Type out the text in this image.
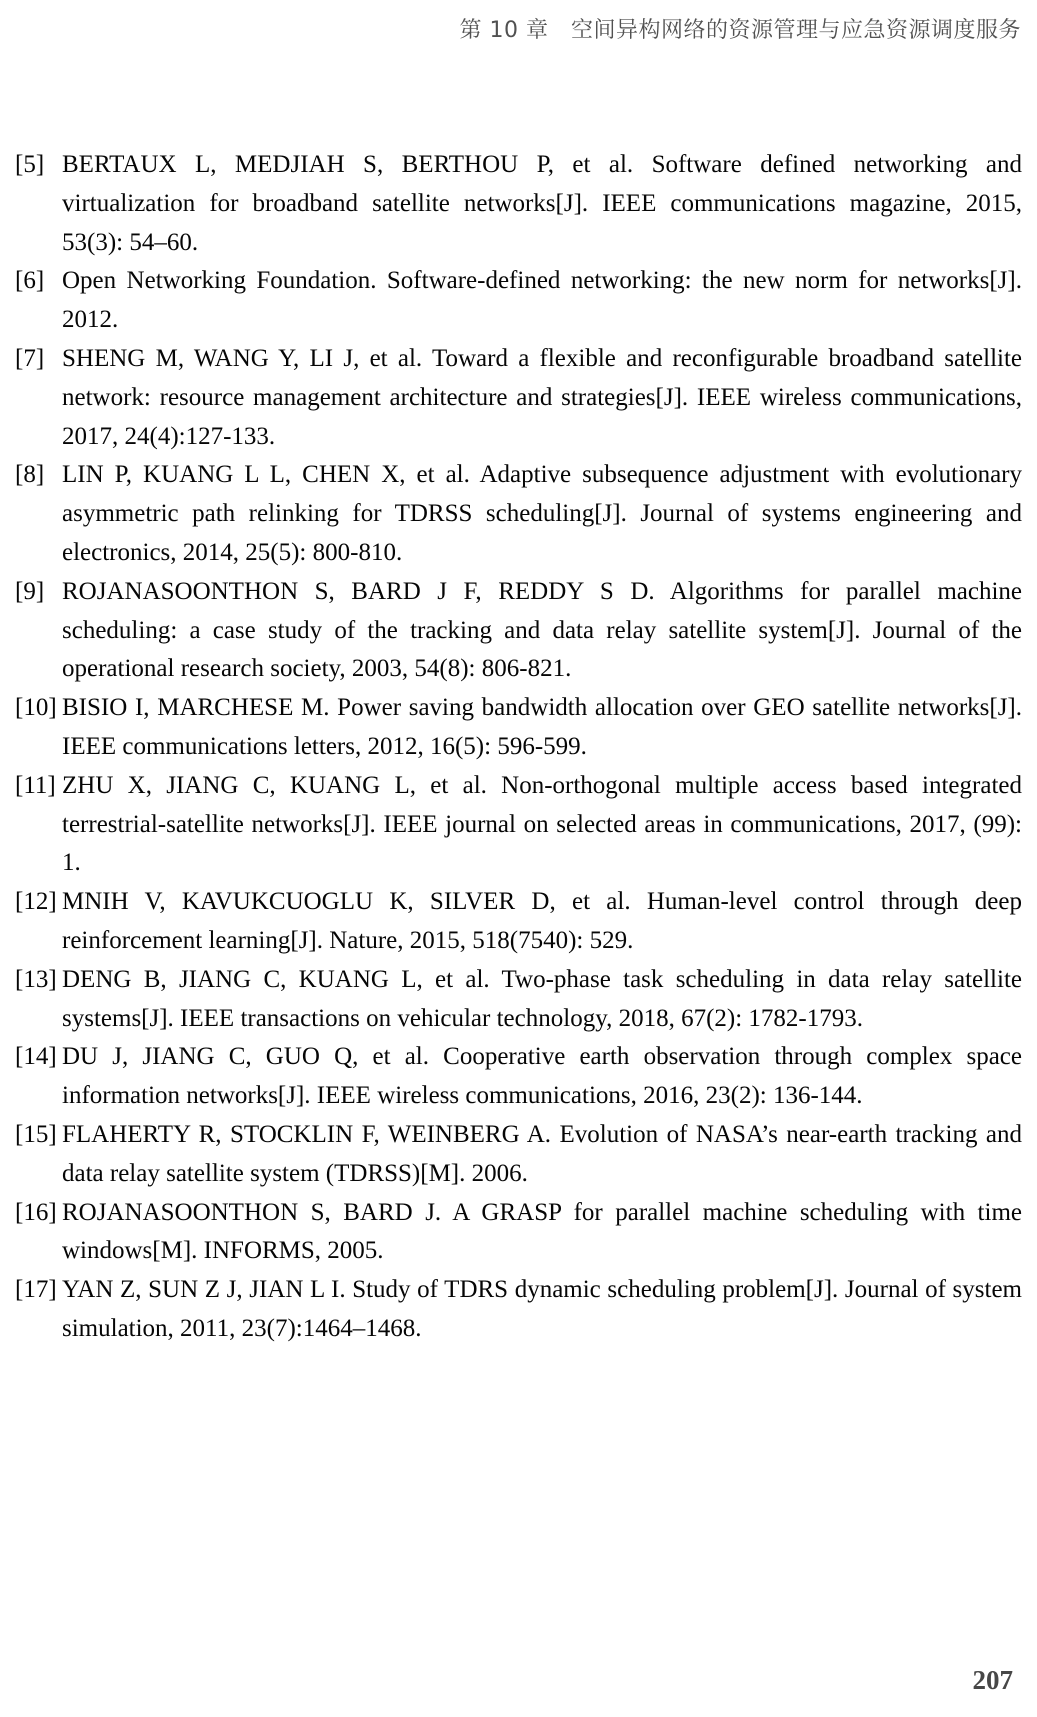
第 10 章　空间异构网络的资源管理与应急资源调度服务
[5] BERTAUX L, MEDJIAH S, BERTHOU P, et al. Software defined networking and virtualization for broadband satellite networks[J]. IEEE communications magazine, 2015, 53(3): 54–60.
[6] Open Networking Foundation. Software-defined networking: the new norm for networks[J]. 2012.
[7] SHENG M, WANG Y, LI J, et al. Toward a flexible and reconfigurable broadband satellite network: resource management architecture and strategies[J]. IEEE wireless communications, 2017, 24(4):127-133.
[8] LIN P, KUANG L L, CHEN X, et al. Adaptive subsequence adjustment with evolutionary asymmetric path relinking for TDRSS scheduling[J]. Journal of systems engineering and electronics, 2014, 25(5): 800-810.
[9] ROJANASOONTHON S, BARD J F, REDDY S D. Algorithms for parallel machine scheduling: a case study of the tracking and data relay satellite system[J]. Journal of the operational research society, 2003, 54(8): 806-821.
[10] BISIO I, MARCHESE M. Power saving bandwidth allocation over GEO satellite networks[J]. IEEE communications letters, 2012, 16(5): 596-599.
[11] ZHU X, JIANG C, KUANG L, et al. Non-orthogonal multiple access based integrated terrestrial-satellite networks[J]. IEEE journal on selected areas in communications, 2017, (99): 1.
[12] MNIH V, KAVUKCUOGLU K, SILVER D, et al. Human-level control through deep reinforcement learning[J]. Nature, 2015, 518(7540): 529.
[13] DENG B, JIANG C, KUANG L, et al. Two-phase task scheduling in data relay satellite systems[J]. IEEE transactions on vehicular technology, 2018, 67(2): 1782-1793.
[14] DU J, JIANG C, GUO Q, et al. Cooperative earth observation through complex space information networks[J]. IEEE wireless communications, 2016, 23(2): 136-144.
[15] FLAHERTY R, STOCKLIN F, WEINBERG A. Evolution of NASA’s near-earth tracking and data relay satellite system (TDRSS)[M]. 2006.
[16] ROJANASOONTHON S, BARD J. A GRASP for parallel machine scheduling with time windows[M]. INFORMS, 2005.
[17] YAN Z, SUN Z J, JIAN L I. Study of TDRS dynamic scheduling problem[J]. Journal of system simulation, 2011, 23(7):1464–1468.
207
